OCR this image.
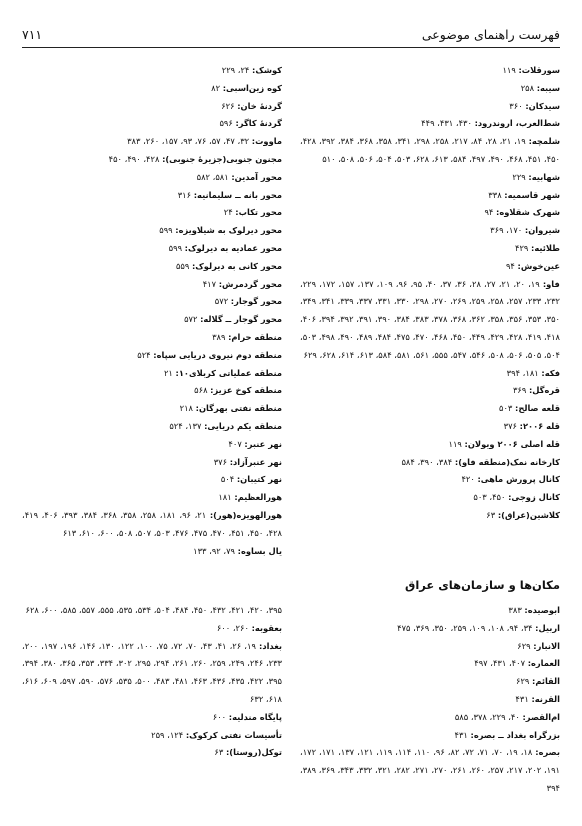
فهرست راهنمای موضوعی
۷۱۱
سورقلات: ۱۱۹
سیبه: ۲۵۸
سیدکان: ۳۶۰
شط‌العرب، اروندرود: ۴۳۰، ۴۳۱، ۴۴۹
شلمچه: ۱۹، ۲۱، ۲۸، ۸۴، ۲۱۷، ۲۵۸، ۲۹۸، ۳۴۱، ۳۵۸، ۳۶۸، ۳۸۴، ۳۹۲، ۴۲۸، ۴۵۰، ۴۵۱، ۴۶۸، ۴۹۰، ۴۹۷، ۵۸۴، ۶۱۳، ۶۲۸، ۵۰۳، ۵۰۴، ۵۰۶، ۵۰۸، ۵۱۰
شهابیه: ۲۲۹
شهر قاسمیه: ۳۳۸
شهرک شقلاوه: ۹۴
شیروان: ۱۷۰، ۳۶۹
طلائیه: ۴۲۹
عین‌خوش: ۹۴
فاو: ۱۹، ۲۰، ۲۱، ۲۷، ۲۸، ۳۶، ۳۷، ۴۰، ۹۵، ۹۶، ۱۰۹، ۱۳۷، ۱۵۷، ۱۷۲، ۲۲۹، ۲۳۲، ۲۳۳، ۲۵۷، ۲۵۸، ۲۵۹، ۲۶۹، ۲۷۰، ۲۹۸، ۳۳۰، ۳۳۱، ۳۳۷، ۳۳۹، ۳۴۱، ۳۴۹، ۳۵۰، ۳۵۳، ۳۵۶، ۳۵۸، ۳۶۲، ۳۶۸، ۳۷۸، ۳۸۳، ۳۸۴، ۳۹۰، ۳۹۱، ۳۹۲، ۳۹۴، ۴۰۶، ۴۱۸، ۴۱۹، ۴۲۸، ۴۲۹، ۴۴۹، ۴۵۰، ۴۶۸، ۴۷۰، ۴۷۵، ۴۸۴، ۴۸۹، ۴۹۰، ۴۹۸، ۵۰۳، ۵۰۴، ۵۰۵، ۵۰۶، ۵۰۸، ۵۴۶، ۵۴۷، ۵۵۵، ۵۶۱، ۵۸۱، ۵۸۴، ۶۱۳، ۶۱۴، ۶۲۸، ۶۲۹
فکه: ۱۸۱، ۳۹۴
قره‌گل: ۳۶۹
قلعه صالح: ۵۰۳
قله ۲۰۰۶: ۳۷۶
قله اصلی ۲۰۰۶ ویولان: ۱۱۹
کارخانه نمک(منطقه فاو): ۳۸۴، ۳۹۰، ۵۸۴
کانال پرورش ماهی: ۴۲۰
کانال زوجی: ۴۵۰، ۵۰۳
کلاشین(عراق): ۶۳
کوشک: ۲۴، ۲۲۹
کوه زین‌اسبی: ۸۲
گردنهٔ خان: ۶۲۶
گردنهٔ کاگر: ۵۹۶
ماووت: ۳۲، ۴۷، ۵۷، ۷۶، ۹۳، ۱۵۷، ۲۶۰، ۳۸۳
مجنون جنوبی(جزیرهٔ جنوبی): ۴۲۸، ۴۹۰، ۴۵۰
محور آمدین: ۵۸۱، ۵۸۲
محور بانه ــ سلیمانیه: ۳۱۶
محور تکاب: ۲۴
محور دیرلوک به شیلاویزه: ۵۹۹
محور عمادیه به دیرلوک: ۵۹۹
محور کانی به دیرلوک: ۵۵۹
محور گردمرش: ۴۱۷
محور گوجار: ۵۷۲
محور گوجار ــ گلاله: ۵۷۲
منطقه حرام: ۳۸۹
منطقه دوم نیروی دریایی سپاه: ۵۲۴
منطقه عملیاتی کربلای۱۰: ۲۱
منطقه کوخ عزیز: ۵۶۸
منطقه نفتی بهرگان: ۲۱۸
منطقه یکم دریایی: ۱۳۷، ۵۲۴
نهر عنبر: ۴۰۷
نهر عنبرآزاد: ۳۷۶
نهر کتیبان: ۵۰۴
هورالعظیم: ۱۸۱
هورالهویزه(هور): ۲۱، ۹۶، ۱۸۱، ۲۵۸، ۳۵۸، ۳۶۸، ۳۸۴، ۳۹۳، ۴۰۶، ۴۱۹، ۴۲۸، ۴۵۰، ۴۵۱، ۴۷۰، ۴۷۵، ۴۷۶، ۵۰۳، ۵۰۷، ۵۰۸، ۶۰۰، ۶۱۰، ۶۱۳
یال بساوه: ۷۹، ۹۲، ۱۳۳
مکان‌ها و سازمان‌های عراق
ابوصیده: ۳۸۳
اربیل: ۳۴، ۹۴، ۱۰۸، ۱۰۹، ۲۵۹، ۳۵۰، ۳۶۹، ۴۷۵
الانبار: ۶۲۹
العماره: ۴۰۷، ۴۳۱، ۴۹۷
القائم: ۶۲۹
القرنه: ۴۳۱
ام‌القصر: ۴۰، ۲۲۹، ۳۷۸، ۵۸۵
بزرگراه بغداد ــ بصره: ۴۳۱
بصره: ۱۸، ۱۹، ۷۰، ۷۱، ۷۲، ۸۲، ۹۶، ۱۱۰، ۱۱۴، ۱۱۹، ۱۲۱، ۱۳۷، ۱۷۱، ۱۷۲، ۱۹۱، ۲۰۲، ۲۱۷، ۲۵۷، ۲۶۰، ۲۶۱، ۲۷۰، ۲۷۱، ۲۸۲، ۳۲۱، ۳۳۲، ۳۴۳، ۳۶۹، ۳۸۹، ۳۹۴
۳۹۵، ۴۲۰، ۴۲۱، ۴۳۲، ۴۵۰، ۴۸۴، ۵۰۴، ۵۳۴، ۵۳۵، ۵۵۵، ۵۵۷، ۵۸۵، ۶۰۰، ۶۲۸
بعقوبه: ۲۶۰، ۶۰۰
بغداد: ۱۹، ۲۶، ۴۱، ۴۳، ۷۰، ۷۲، ۷۵، ۱۰۰، ۱۲۲، ۱۳۰، ۱۴۶، ۱۹۶، ۱۹۷، ۲۰۰، ۲۳۳، ۲۴۶، ۲۴۹، ۲۵۹، ۲۶۰، ۲۶۱، ۲۹۴، ۲۹۵، ۳۰۲، ۳۳۴، ۳۵۳، ۳۶۵، ۳۸۰، ۳۹۴، ۳۹۵، ۴۲۲، ۴۳۵، ۴۳۶، ۴۶۳، ۴۸۱، ۴۸۳، ۵۰۰، ۵۳۵، ۵۷۶، ۵۹۰، ۵۹۷، ۶۰۹، ۶۱۶، ۶۱۸، ۶۳۲
پایگاه مندلیه: ۶۰۰
تأسیسات نفتی کرکوک: ۱۲۴، ۲۵۹
توکل(روستا): ۶۳
